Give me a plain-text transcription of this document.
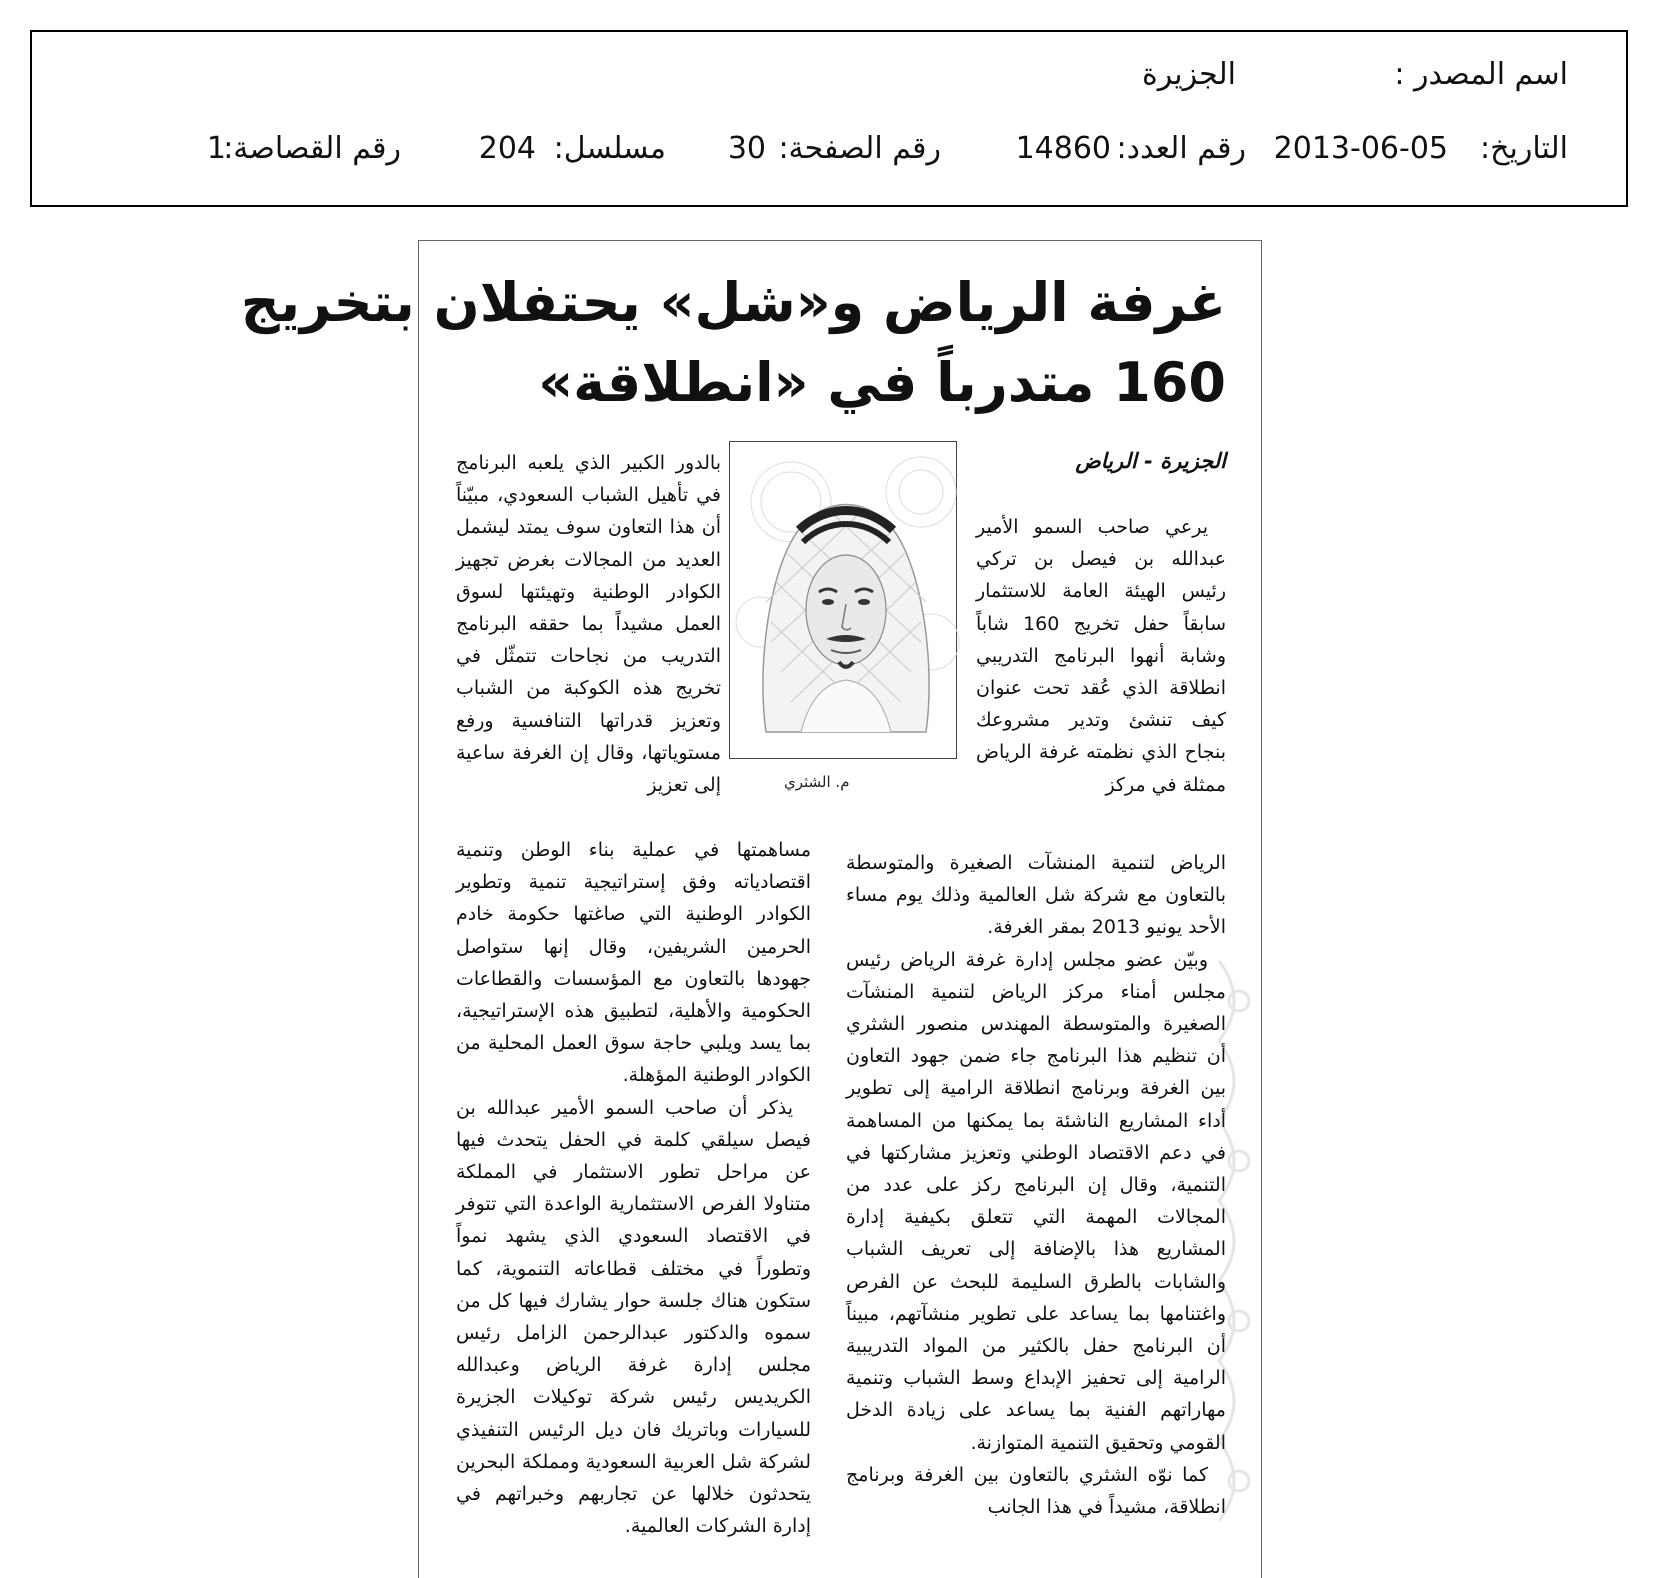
اسم المصدر :
الجزيرة
التاريخ:
2013-06-05
رقم العدد:
14860
رقم الصفحة:
30
مسلسل:
204
رقم القصاصة:
1
غرفة الرياض و«شل» يحتفلان بتخريج
160 متدرباً في «انطلاقة»
الجزيرة - الرياض

يرعي صاحب السمو الأمير عبدالله بن فيصل بن تركي رئيس الهيئة العامة للاستثمار سابقاً حفل تخريج 160 شاباً وشابة أنهوا البرنامج التدريبي انطلاقة الذي عُقد تحت عنوان كيف تنشئ وتدير مشروعك بنجاح الذي نظمته غرفة الرياض ممثلة في مركز

م. الشثري

بالدور الكبير الذي يلعبه البرنامج في تأهيل الشباب السعودي، مبيّناً أن هذا التعاون سوف يمتد ليشمل العديد من المجالات بغرض تجهيز الكوادر الوطنية وتهيئتها لسوق العمل مشيداً بما حققه البرنامج التدريب من نجاحات تتمثّل في تخريج هذه الكوكبة من الشباب وتعزيز قدراتها التنافسية ورفع مستوياتها، وقال إن الغرفة ساعية إلى تعزيز

الرياض لتنمية المنشآت الصغيرة والمتوسطة بالتعاون مع شركة شل العالمية وذلك يوم مساء الأحد يونيو 2013 بمقر الغرفة.

وبيّن عضو مجلس إدارة غرفة الرياض رئيس مجلس أمناء مركز الرياض لتنمية المنشآت الصغيرة والمتوسطة المهندس منصور الشثري أن تنظيم هذا البرنامج جاء ضمن جهود التعاون بين الغرفة وبرنامج انطلاقة الرامية إلى تطوير أداء المشاريع الناشئة بما يمكنها من المساهمة في دعم الاقتصاد الوطني وتعزيز مشاركتها في التنمية، وقال إن البرنامج ركز على عدد من المجالات المهمة التي تتعلق بكيفية إدارة المشاريع هذا بالإضافة إلى تعريف الشباب والشابات بالطرق السليمة للبحث عن الفرص واغتنامها بما يساعد على تطوير منشآتهم، مبيناً أن البرنامج حفل بالكثير من المواد التدريبية الرامية إلى تحفيز الإبداع وسط الشباب وتنمية مهاراتهم الفنية بما يساعد على زيادة الدخل القومي وتحقيق التنمية المتوازنة.

كما نوّه الشثري بالتعاون بين الغرفة وبرنامج انطلاقة، مشيداً في هذا الجانب

مساهمتها في عملية بناء الوطن وتنمية اقتصادياته وفق إستراتيجية تنمية وتطوير الكوادر الوطنية التي صاغتها حكومة خادم الحرمين الشريفين، وقال إنها ستواصل جهودها بالتعاون مع المؤسسات والقطاعات الحكومية والأهلية، لتطبيق هذه الإستراتيجية، بما يسد ويلبي حاجة سوق العمل المحلية من الكوادر الوطنية المؤهلة.

يذكر أن صاحب السمو الأمير عبدالله بن فيصل سيلقي كلمة في الحفل يتحدث فيها عن مراحل تطور الاستثمار في المملكة متناولا الفرص الاستثمارية الواعدة التي تتوفر في الاقتصاد السعودي الذي يشهد نمواً وتطوراً في مختلف قطاعاته التنموية، كما ستكون هناك جلسة حوار يشارك فيها كل من سموه والدكتور عبدالرحمن الزامل رئيس مجلس إدارة غرفة الرياض وعبدالله الكريديس رئيس شركة توكيلات الجزيرة للسيارات وباتريك فان ديل الرئيس التنفيذي لشركة شل العربية السعودية ومملكة البحرين يتحدثون خلالها عن تجاربهم وخبراتهم في إدارة الشركات العالمية.
